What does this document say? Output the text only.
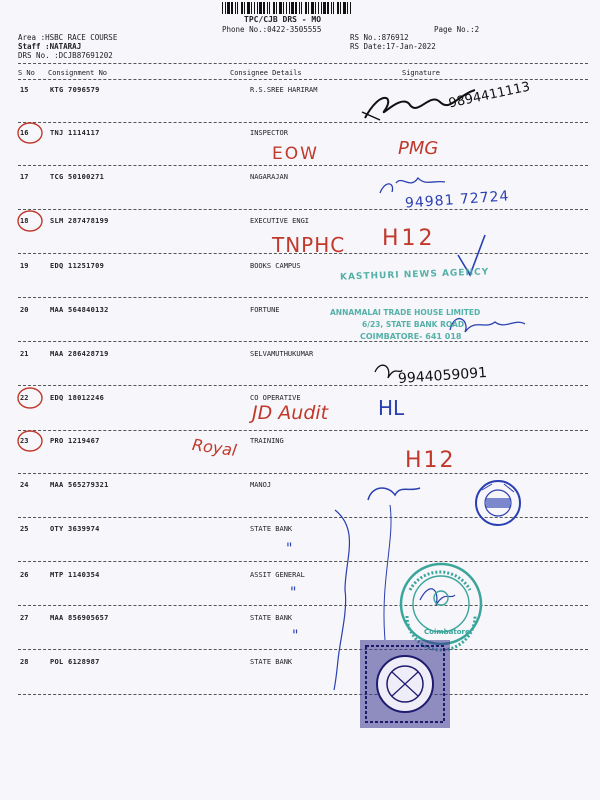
TPC/CJB DRS - MO
Phone No.:0422-3505555	Page No.:2
Area :HSBC RACE COURSE
Staff :NATARAJ
DRS No. :DCJB87691202
RS No.:876912
RS Date:17-Jan-2022
S No Consignment No	Consignee Details	Signature
15	KTG 7096579	R.S.SREE HARIRAM
16	TNJ 1114117	INSPECTOR
17	TCG 50100271	NAGARAJAN
18	SLM 287478199	EXECUTIVE ENGI
19	EDQ 11251709	BOOKS CAMPUS
20	MAA 564840132	FORTUNE
21	MAA 286428719	SELVAMUTHUKUMAR
22	EDQ 18012246	CO OPERATIVE
23	PRO 1219467	TRAINING
24	MAA 565279321	MANOJ
25	OTY 3639974	STATE BANK
26	MTP 1140354	ASSIT GENERAL
27	MAA 856905657	STATE BANK
28	POL 6128987	STATE BANK
9894411113
EOW	PMG
94981 72724
TNPHC H12
9944059091
JD Audit HL
Royal
H12
"
"
"
KASTHURI NEWS AGENCY
ANNAMALAI TRADE HOUSE LIMITED
6/23, STATE BANK ROAD
COIMBATORE- 641 018
Coimbatore
